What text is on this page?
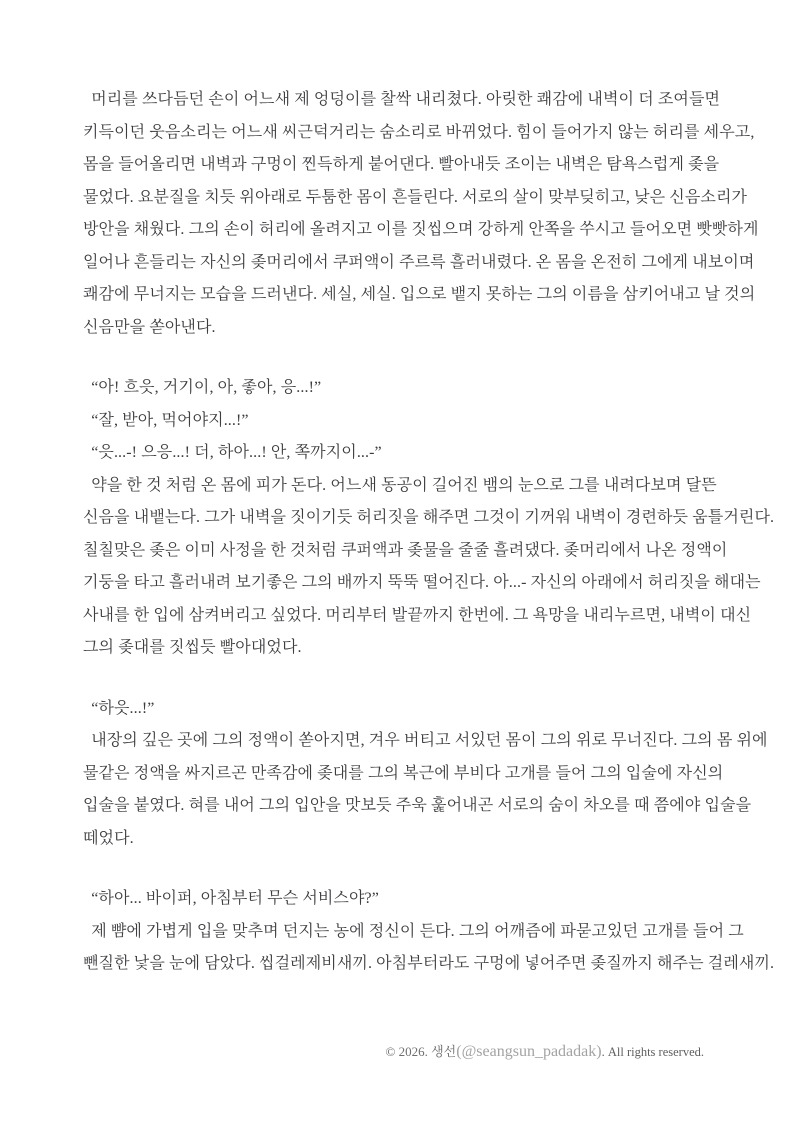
머리를 쓰다듬던 손이 어느새 제 엉덩이를 찰싹 내리쳤다. 아릿한 쾌감에 내벽이 더 조여들면

키득이던 웃음소리는 어느새 씨근덕거리는 숨소리로 바뀌었다. 힘이 들어가지 않는 허리를 세우고,

몸을 들어올리면 내벽과 구멍이 찐득하게 붙어댄다. 빨아내듯 조이는 내벽은 탐욕스럽게 좆을

물었다. 요분질을 치듯 위아래로 두툼한 몸이 흔들린다. 서로의 살이 맞부딪히고, 낮은 신음소리가

방안을 채웠다. 그의 손이 허리에 올려지고 이를 짓씹으며 강하게 안쪽을 쑤시고 들어오면 빳빳하게

일어나 흔들리는 자신의 좆머리에서 쿠퍼액이 주르륵 흘러내렸다. 온 몸을 온전히 그에게 내보이며

쾌감에 무너지는 모습을 드러낸다. 세실, 세실. 입으로 뱉지 못하는 그의 이름을 삼키어내고 날 것의

신음만을 쏟아낸다.

“아! 흐읏, 거기이, 아, 좋아, 응...!”

“잘, 받아, 먹어야지...!”

“읏...-! 으응...! 더, 하아...! 안, 쪽까지이...-”

약을 한 것 처럼 온 몸에 피가 돈다. 어느새 동공이 길어진 뱀의 눈으로 그를 내려다보며 달뜬

신음을 내뱉는다. 그가 내벽을 짓이기듯 허리짓을 해주면 그것이 기꺼워 내벽이 경련하듯 움틀거린다.

칠칠맞은 좆은 이미 사정을 한 것처럼 쿠퍼액과 좆물을 줄줄 흘려댔다. 좆머리에서 나온 정액이

기둥을 타고 흘러내려 보기좋은 그의 배까지 뚝뚝 떨어진다. 아...- 자신의 아래에서 허리짓을 해대는

사내를 한 입에 삼켜버리고 싶었다. 머리부터 발끝까지 한번에. 그 욕망을 내리누르면, 내벽이 대신

그의 좆대를 짓씹듯 빨아대었다.

“하읏...!”

내장의 깊은 곳에 그의 정액이 쏟아지면, 겨우 버티고 서있던 몸이 그의 위로 무너진다. 그의 몸 위에

물같은 정액을 싸지르곤 만족감에 좆대를 그의 복근에 부비다 고개를 들어 그의 입술에 자신의

입술을 붙였다. 혀를 내어 그의 입안을 맛보듯 주욱 훑어내곤 서로의 숨이 차오를 때 쯤에야 입술을

떼었다.

“하아... 바이퍼, 아침부터 무슨 서비스야?”

제 뺨에 가볍게 입을 맞추며 던지는 농에 정신이 든다. 그의 어깨즘에 파묻고있던 고개를 들어 그

뺀질한 낯을 눈에 담았다. 씹걸레제비새끼. 아침부터라도 구멍에 넣어주면 좆질까지 해주는 걸레새끼.

© 2026. 생선(@seangsun_padadak). All rights reserved.
